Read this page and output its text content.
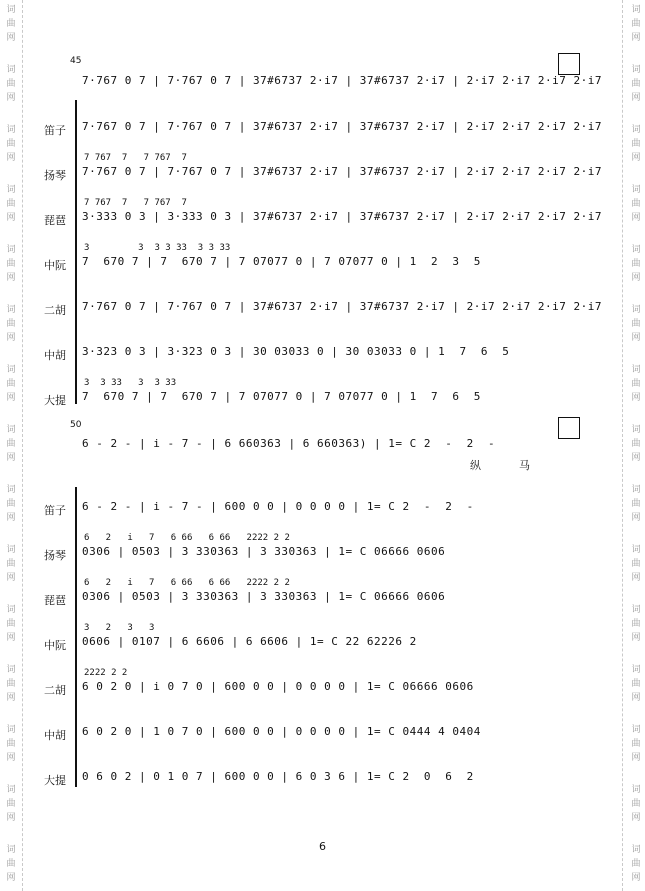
词
曲
网
词
曲
网
词
曲
网
词
曲
网
词
曲
网
词
曲
网
词
曲
网
词
曲
网
词
曲
网
词
曲
网
词
曲
网
词
曲
网
词
曲
网
词
曲
网
词
曲
网
词
曲
网
词
曲
网
词
曲
网
词
曲
网
词
曲
网
词
曲
网
词
曲
网
词
曲
网
词
曲
网
词
曲
网
词
曲
网
词
曲
网
词
曲
网
词
曲
网
词
曲
网
45
7·767 0 7 | 7·767 0 7 | 37#6737 2·i7 | 37#6737 2·i7 | 2·i7 2·i7 2·i7 2·i7
笛子	7·767 0 7 | 7·767 0 7 | 37#6737 2·i7 | 37#6737 2·i7 | 2·i7 2·i7 2·i7 2·i7
扬琴
7 767  7   7 767  7
7·767 0 7 | 7·767 0 7 | 37#6737 2·i7 | 37#6737 2·i7 | 2·i7 2·i7 2·i7 2·i7
琵琶
7 767  7   7 767  7
3·333 0 3 | 3·333 0 3 | 37#6737 2·i7 | 37#6737 2·i7 | 2·i7 2·i7 2·i7 2·i7
中阮
3         3  3 3 33  3 3 33
7  670 7 | 7  670 7 | 7 07077 0 | 7 07077 0 | 1  2  3  5
二胡	7·767 0 7 | 7·767 0 7 | 37#6737 2·i7 | 37#6737 2·i7 | 2·i7 2·i7 2·i7 2·i7
中胡	3·323 0 3 | 3·323 0 3 | 30 03033 0 | 30 03033 0 | 1  7  6  5
大提
3  3 33   3  3 33
7  670 7 | 7  670 7 | 7 07077 0 | 7 07077 0 | 1  7  6  5
50
6 - 2 - | i - 7 - | 6 660363 | 6 660363) | 1= C 2  -  2  -
纵	马
笛子	6 - 2 - | i - 7 - | 600 0 0 | 0 0 0 0 | 1= C 2  -  2  -
扬琴
6   2   i   7   6 66   6 66   2222 2 2
0306 | 0503 | 3 330363 | 3 330363 | 1= C 06666 0606
琵琶
6   2   i   7   6 66   6 66   2222 2 2
0306 | 0503 | 3 330363 | 3 330363 | 1= C 06666 0606
中阮
3   2   3   3
0606 | 0107 | 6 6606 | 6 6606 | 1= C 22 62226 2
二胡
2222 2 2
6 0 2 0 | i 0 7 0 | 600 0 0 | 0 0 0 0 | 1= C 06666 0606
中胡	6 0 2 0 | 1 0 7 0 | 600 0 0 | 0 0 0 0 | 1= C 0444 4 0404
大提	0 6 0 2 | 0 1 0 7 | 600 0 0 | 6 0 3 6 | 1= C 2  0  6  2
6
